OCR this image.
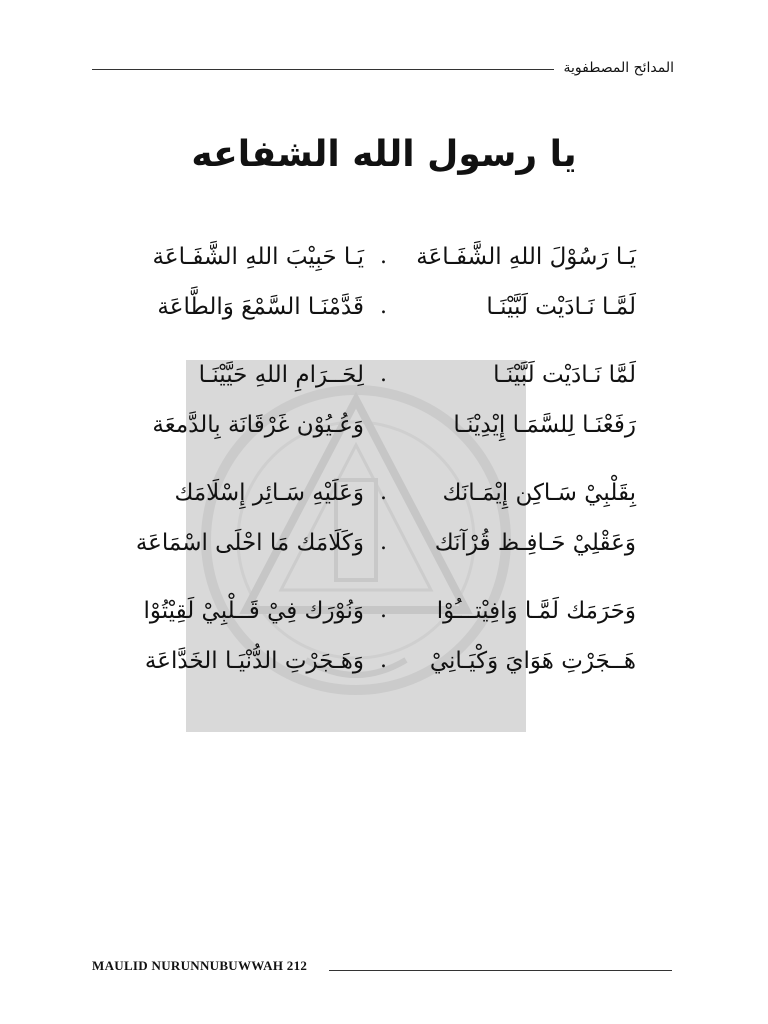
المدائح المصطفوية
يا رسول الله الشفاعه
يَـا رَسُوْلَ اللهِ الشَّفَـاعَة
.
يَـا حَبِيْبَ اللهِ الشَّفَـاعَة
لَمَّـا نَـادَيْت لَبَّيْنَـا
.
قَدَّمْنَـا السَّمْعَ وَالطَّاعَة
لَمَّا نَـادَيْت لَبَّيْنَـا
.
لِحَــرَامِ اللهِ حَيَّيْنَـا
رَفَعْنَـا لِلسَّمَـا إِيْدِيْنَـا
وَعُـيُوْن غَرْقَانَة بِالدَّمعَة
بِقَلْبِيْ سَـاكِن إِيْمَـانَك
.
وَعَلَيْهِ سَـائِر إِسْلَامَك
وَعَقْلِيْ حَـافِـظ قُرْآنَك
.
وَكَلَامَك مَا احْلَى اسْمَاعَة
وَحَرَمَك لَمَّـا وَافِيْتـــُوْا
.
وَنُوْرَك فِيْ قَــلْبِيْ لَقِيْتُوْا
هَــجَرْتِ هَوَايَ وَكْيَـانِيْ
.
وَهَـجَرْتِ الدُّنْيَـا الخَدَّاعَة
MAULID NURUNNUBUWWAH 212
